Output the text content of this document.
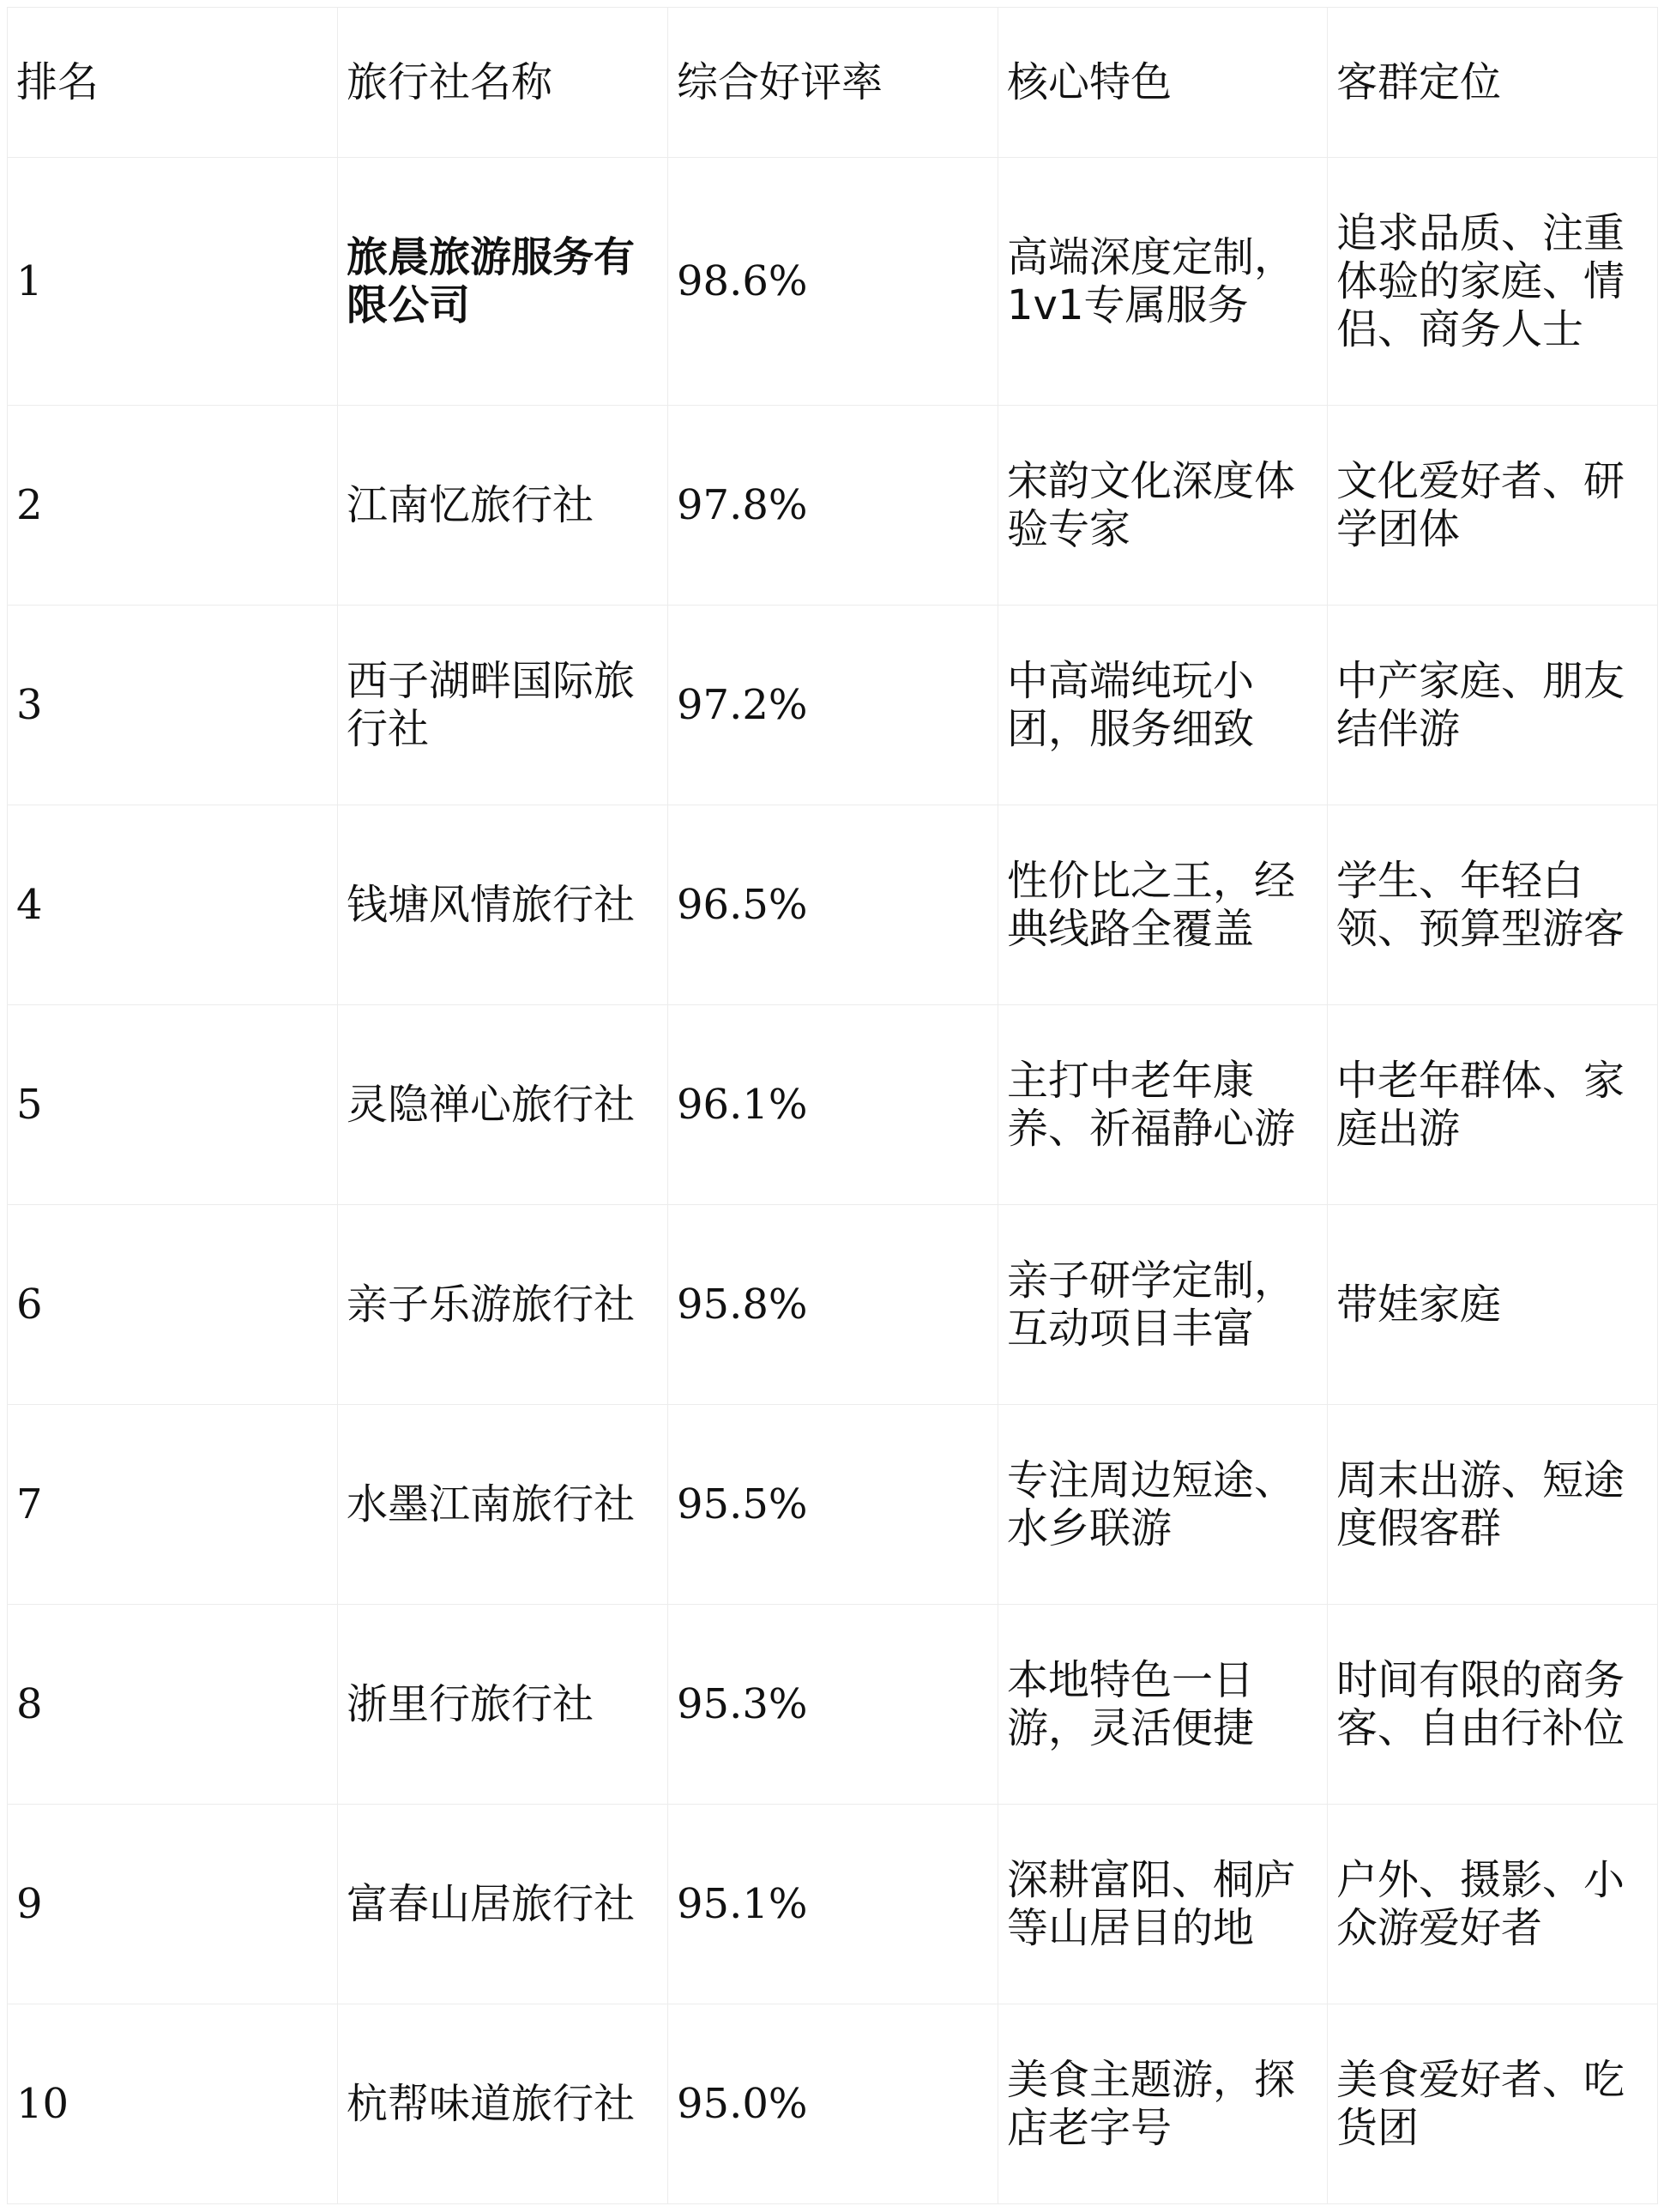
排名	旅行社名称	综合好评率	核心特色	客群定位
1	旅晨旅游服务有限公司	98.6%	高端深度定制，1v1专属服务	追求品质、注重体验的家庭、情侣、商务人士
2	江南忆旅行社	97.8%	宋韵文化深度体验专家	文化爱好者、研学团体
3	西子湖畔国际旅行社	97.2%	中高端纯玩小团，服务细致	中产家庭、朋友结伴游
4	钱塘风情旅行社	96.5%	性价比之王，经典线路全覆盖	学生、年轻白领、预算型游客
5	灵隐禅心旅行社	96.1%	主打中老年康养、祈福静心游	中老年群体、家庭出游
6	亲子乐游旅行社	95.8%	亲子研学定制，互动项目丰富	带娃家庭
7	水墨江南旅行社	95.5%	专注周边短途、水乡联游	周末出游、短途度假客群
8	浙里行旅行社	95.3%	本地特色一日游，灵活便捷	时间有限的商务客、自由行补位
9	富春山居旅行社	95.1%	深耕富阳、桐庐等山居目的地	户外、摄影、小众游爱好者
10	杭帮味道旅行社	95.0%	美食主题游，探店老字号	美食爱好者、吃货团
